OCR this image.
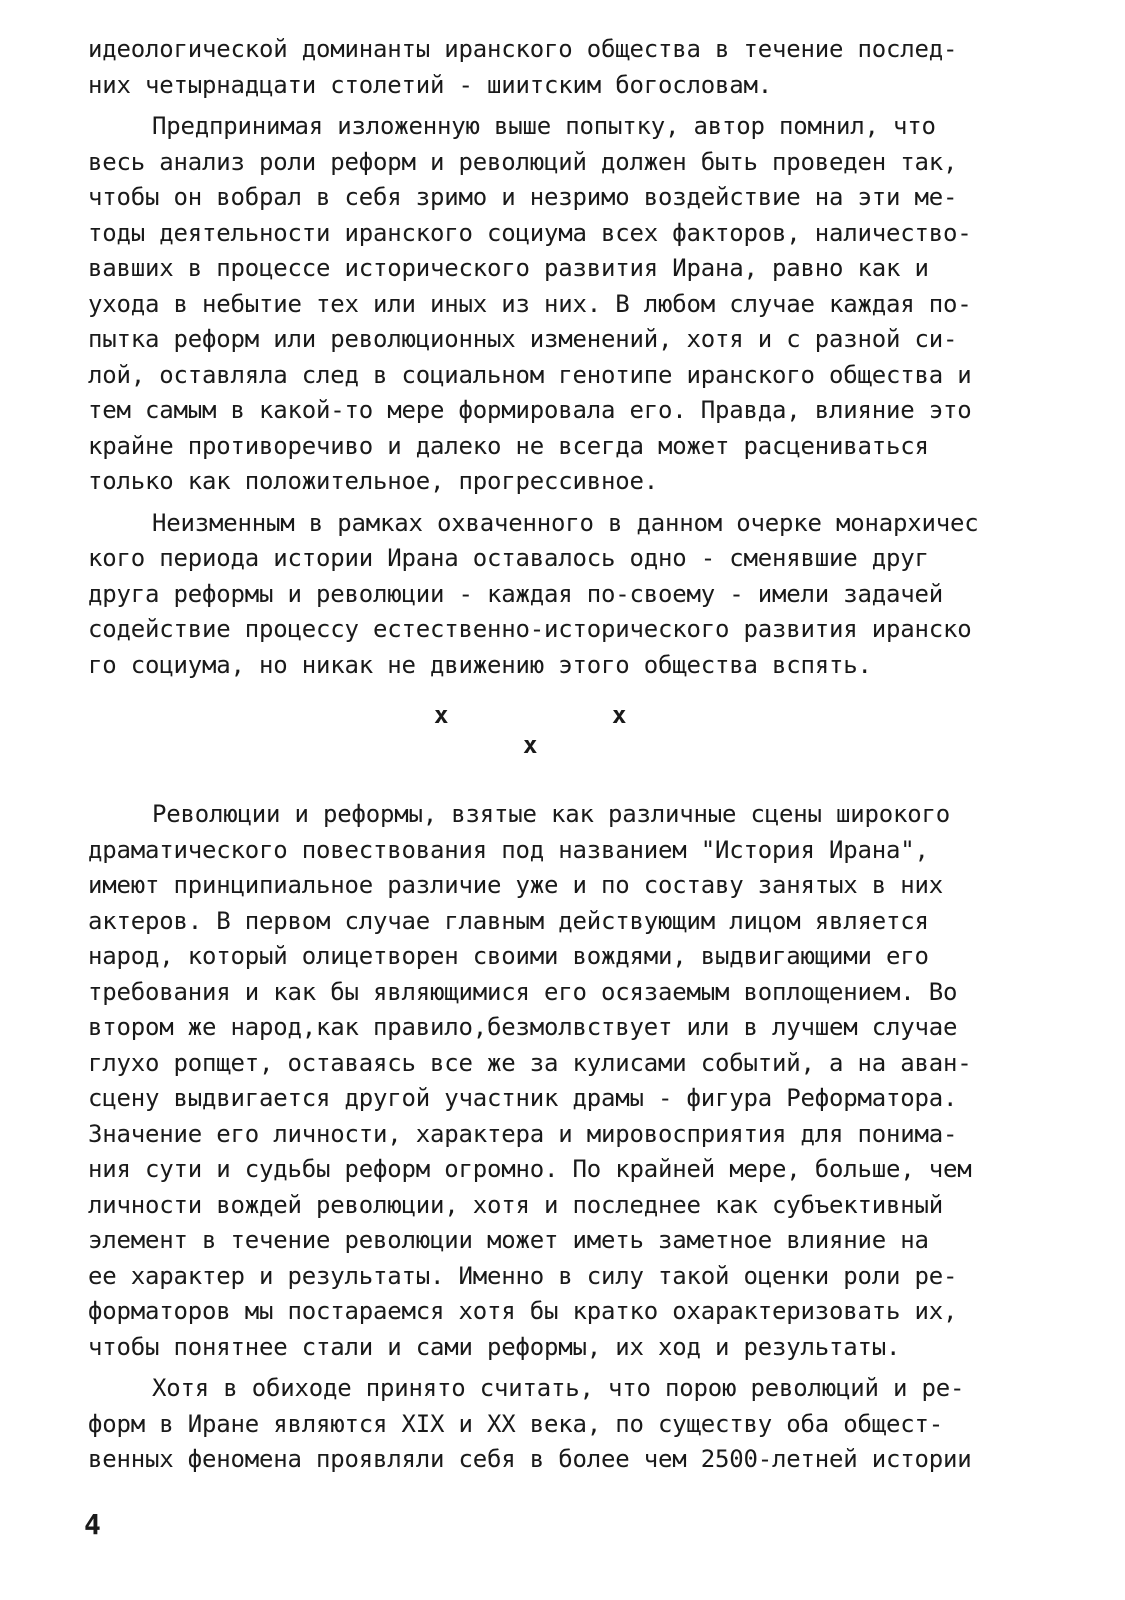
идеологической доминанты иранского общества в течение послед-
них четырнадцати столетий - шиитским богословам.
Предпринимая изложенную выше попытку, автор помнил, что
весь анализ роли реформ и революций должен быть проведен так,
чтобы он вобрал в себя зримо и незримо воздействие на эти ме-
тоды деятельности иранского социума всех факторов, наличество-
вавших в процессе исторического развития Ирана, равно как и
ухода в небытие тех или иных из них. В любом случае каждая по-
пытка реформ или революционных изменений, хотя и с разной си-
лой, оставляла след в социальном генотипе иранского общества и
тем самым в какой-то мере формировала его. Правда, влияние это
крайне противоречиво и далеко не всегда может расцениваться
только как положительное, прогрессивное.
Неизменным в рамках охваченного в данном очерке монархичес
кого периода истории Ирана оставалось одно - сменявшие друг
друга реформы и революции - каждая по-своему - имели задачей
содействие процессу естественно-исторического развития иранско
го социума, но никак не движению этого общества вспять.
x	x
x
Революции и реформы, взятые как различные сцены широкого
драматического повествования под названием "История Ирана",
имеют принципиальное различие уже и по составу занятых в них
актеров. В первом случае главным действующим лицом является
народ, который олицетворен своими вождями, выдвигающими его
требования и как бы являющимися его осязаемым воплощением. Во
втором же народ,как правило,безмолвствует или в лучшем случае
глухо ропщет, оставаясь все же за кулисами событий, а на аван-
сцену выдвигается другой участник драмы - фигура Реформатора.
Значение его личности, характера и мировосприятия для понима-
ния сути и судьбы реформ огромно. По крайней мере, больше, чем
личности вождей революции, хотя и последнее как субъективный
элемент в течение революции может иметь заметное влияние на
ее характер и результаты. Именно в силу такой оценки роли ре-
форматоров мы постараемся хотя бы кратко охарактеризовать их,
чтобы понятнее стали и сами реформы, их ход и результаты.
Хотя в обиходе принято считать, что порою революций и ре-
форм в Иране являются XIX и XX века, по существу оба общест-
венных феномена проявляли себя в более чем 2500-летней истории
4
